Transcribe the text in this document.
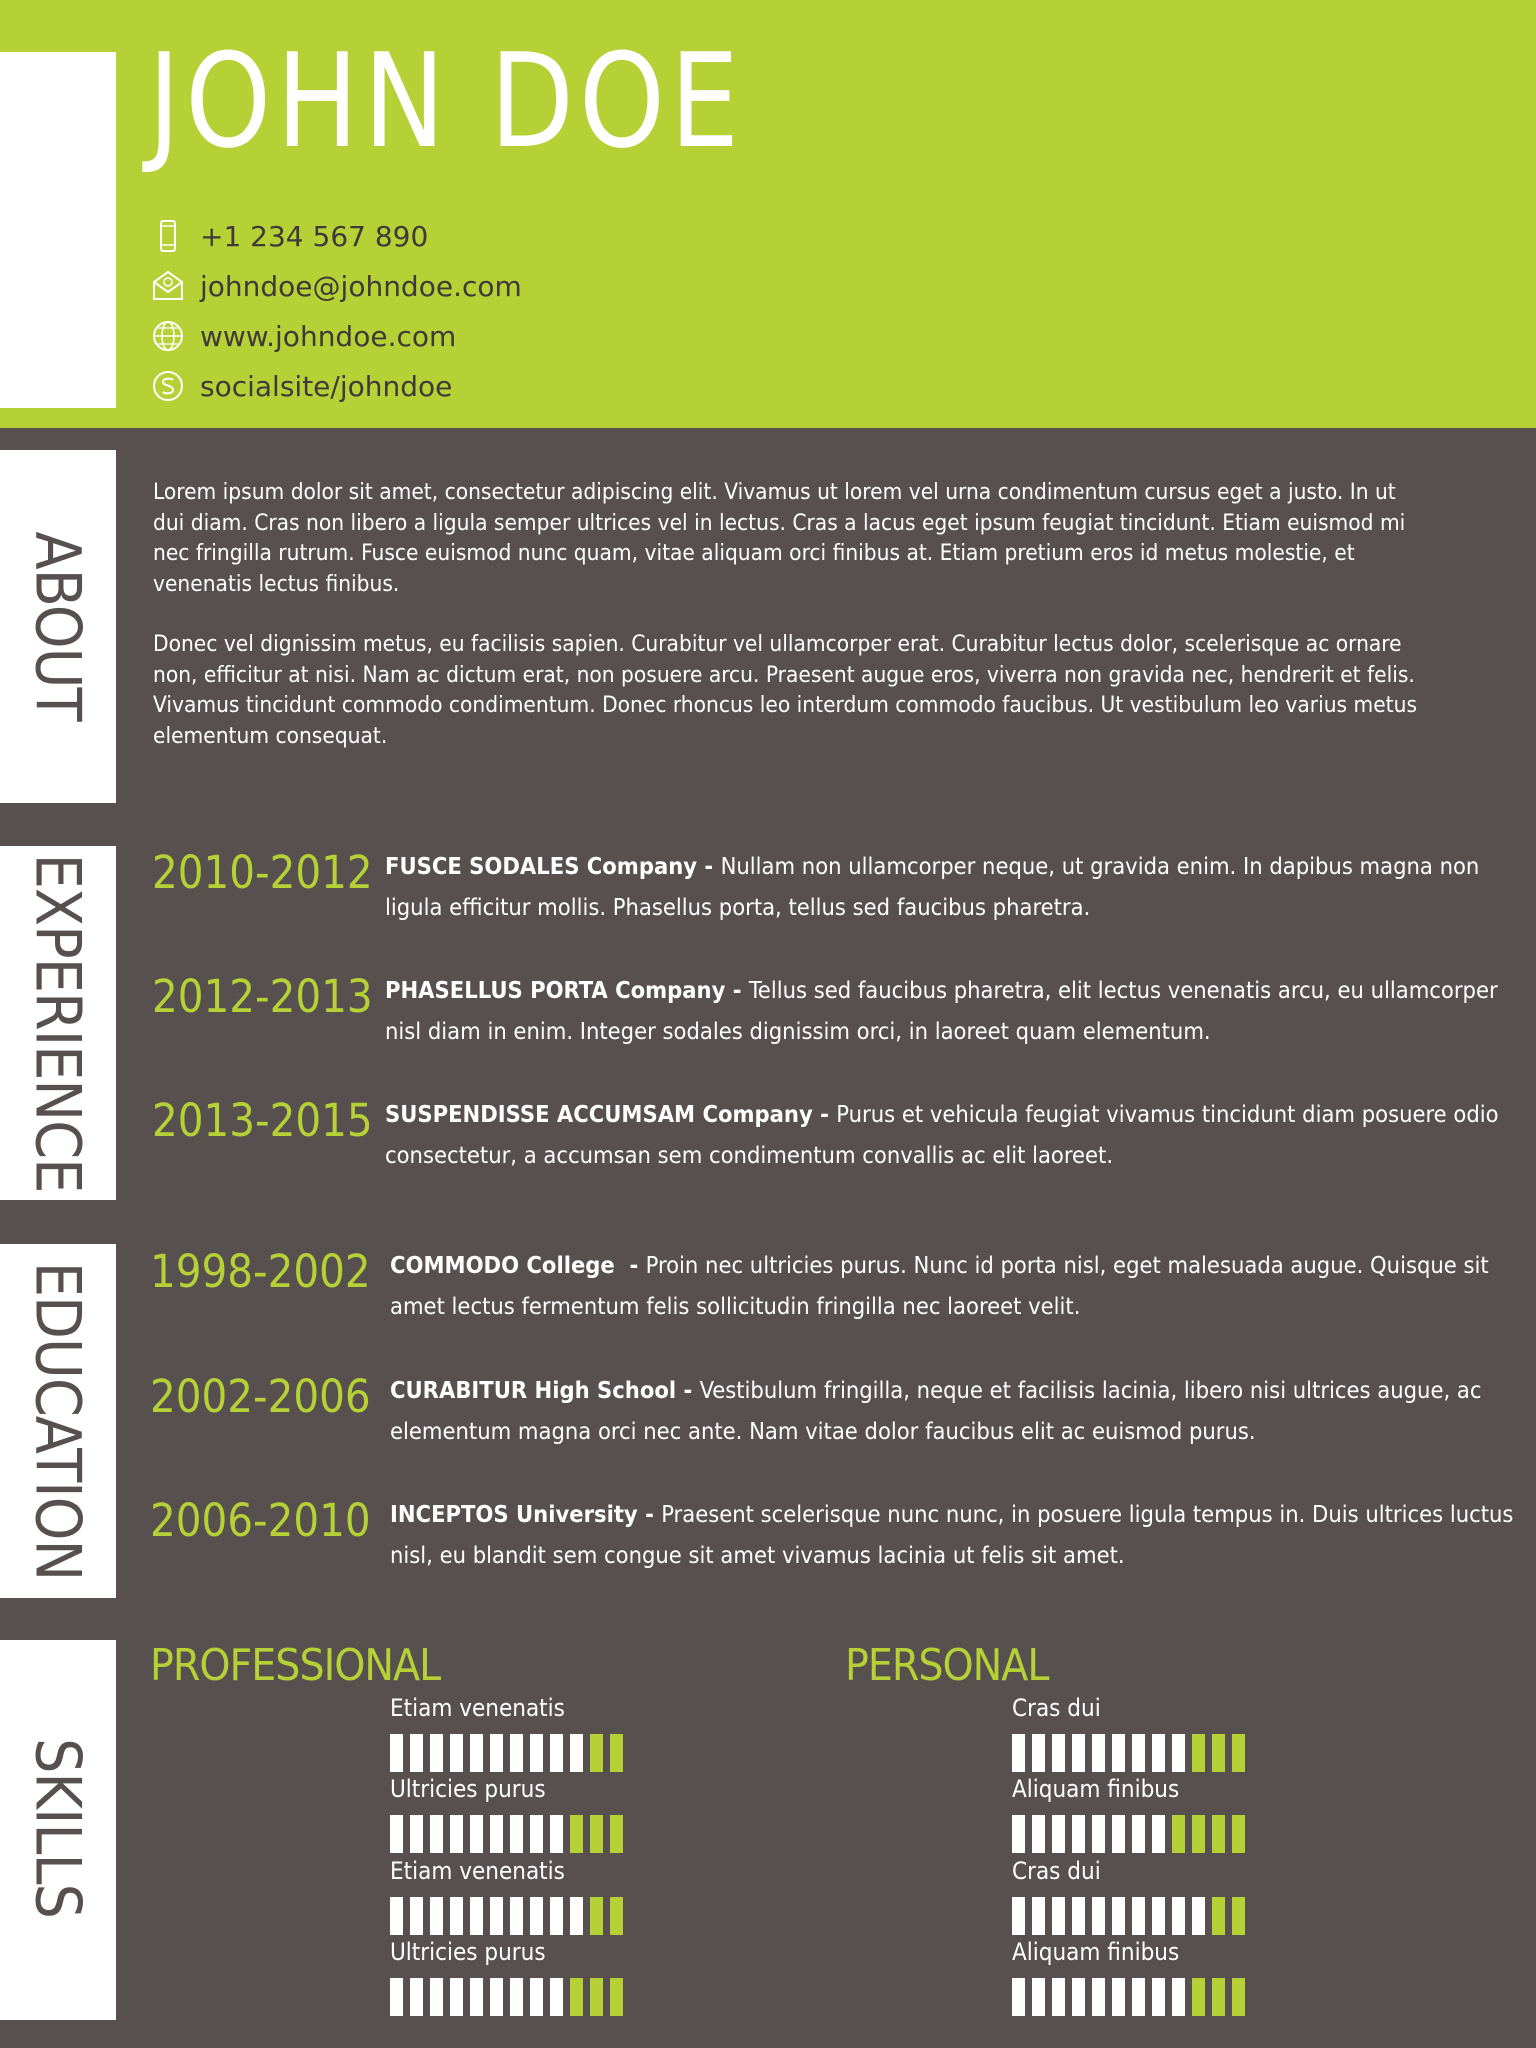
ABOUT
EXPERIENCE
EDUCATION
SKILLS
JOHN DOE
+1 234 567 890
johndoe@johndoe.com
www.johndoe.com
socialsite/johndoe

Lorem ipsum dolor sit amet, consectetur adipiscing elit. Vivamus ut lorem vel urna condimentum cursus eget a justo. In ut dui diam. Cras non libero a ligula semper ultrices vel in lectus. Cras a lacus eget ipsum feugiat tincidunt. Etiam euismod mi nec fringilla rutrum. Fusce euismod nunc quam, vitae aliquam orci finibus at. Etiam pretium eros id metus molestie, et venenatis lectus finibus.

Donec vel dignissim metus, eu facilisis sapien. Curabitur vel ullamcorper erat. Curabitur lectus dolor, scelerisque ac ornare non, efficitur at nisi. Nam ac dictum erat, non posuere arcu. Praesent augue eros, viverra non gravida nec, hendrerit et felis. Vivamus tincidunt commodo condimentum. Donec rhoncus leo interdum commodo faucibus. Ut vestibulum leo varius metus elementum consequat.

2010-2012 FUSCE SODALES Company - Nullam non ullamcorper neque, ut gravida enim. In dapibus magna non ligula efficitur mollis. Phasellus porta, tellus sed faucibus pharetra.
2012-2013 PHASELLUS PORTA Company - Tellus sed faucibus pharetra, elit lectus venenatis arcu, eu ullamcorper nisl diam in enim. Integer sodales dignissim orci, in laoreet quam elementum.
2013-2015 SUSPENDISSE ACCUMSAM Company - Purus et vehicula feugiat vivamus tincidunt diam posuere odio consectetur, a accumsan sem condimentum convallis ac elit laoreet.
1998-2002 COMMODO College  - Proin nec ultricies purus. Nunc id porta nisl, eget malesuada augue. Quisque sit amet lectus fermentum felis sollicitudin fringilla nec laoreet velit.
2002-2006 CURABITUR High School - Vestibulum fringilla, neque et facilisis lacinia, libero nisi ultrices augue, ac elementum magna orci nec ante. Nam vitae dolor faucibus elit ac euismod purus.
2006-2010 INCEPTOS University - Praesent scelerisque nunc nunc, in posuere ligula tempus in. Duis ultrices luctus nisl, eu blandit sem congue sit amet vivamus lacinia ut felis sit amet.
PROFESSIONAL	PERSONAL
Etiam venenatis
Ultricies purus
Etiam venenatis
Ultricies purus
Cras dui
Aliquam finibus
Cras dui
Aliquam finibus
